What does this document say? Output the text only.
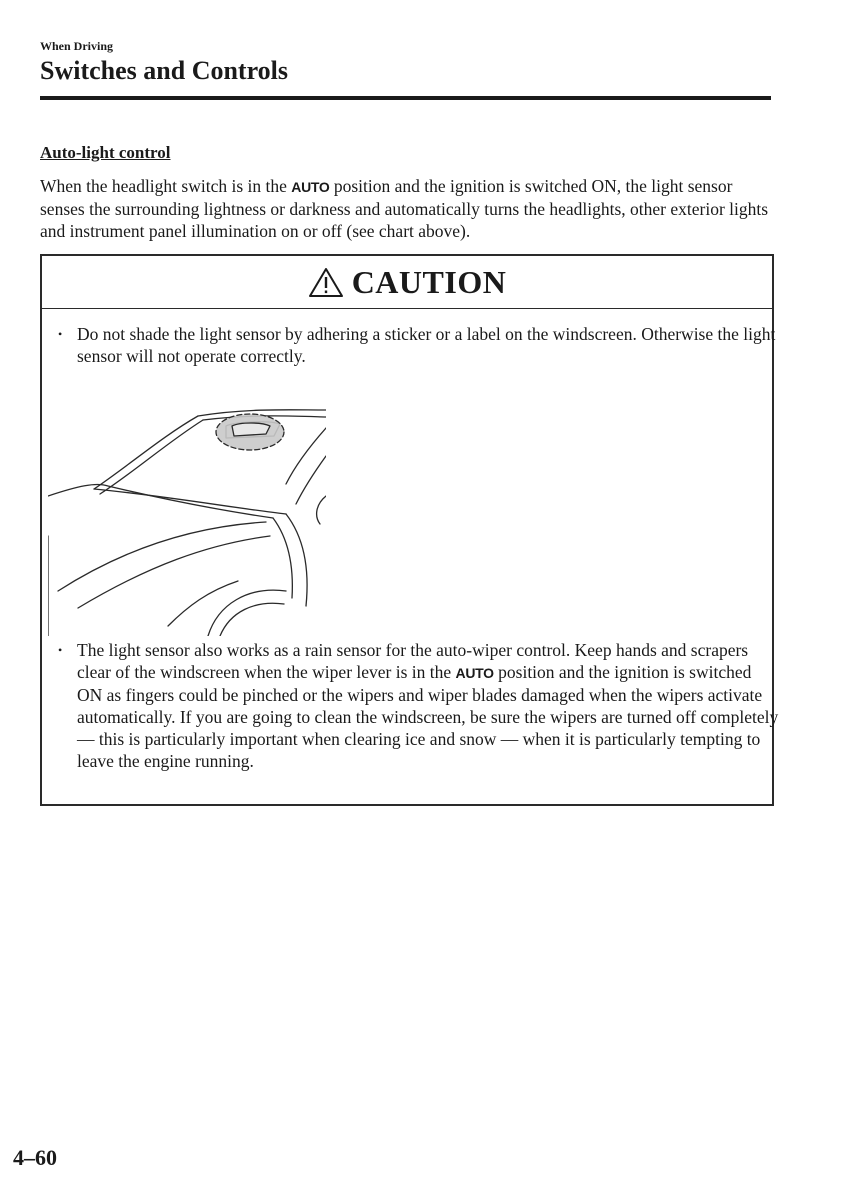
When Driving
Switches and Controls
Auto-light control
When the headlight switch is in the AUTO position and the ignition is switched ON, the light sensor senses the surrounding lightness or darkness and automatically turns the headlights, other exterior lights and instrument panel illumination on or off (see chart above).
CAUTION
• Do not shade the light sensor by adhering a sticker or a label on the windscreen. Otherwise the light sensor will not operate correctly.
• The light sensor also works as a rain sensor for the auto-wiper control. Keep hands and scrapers clear of the windscreen when the wiper lever is in the AUTO position and the ignition is switched ON as fingers could be pinched or the wipers and wiper blades damaged when the wipers activate automatically. If you are going to clean the windscreen, be sure the wipers are turned off completely — this is particularly important when clearing ice and snow — when it is particularly tempting to leave the engine running.
4–60
